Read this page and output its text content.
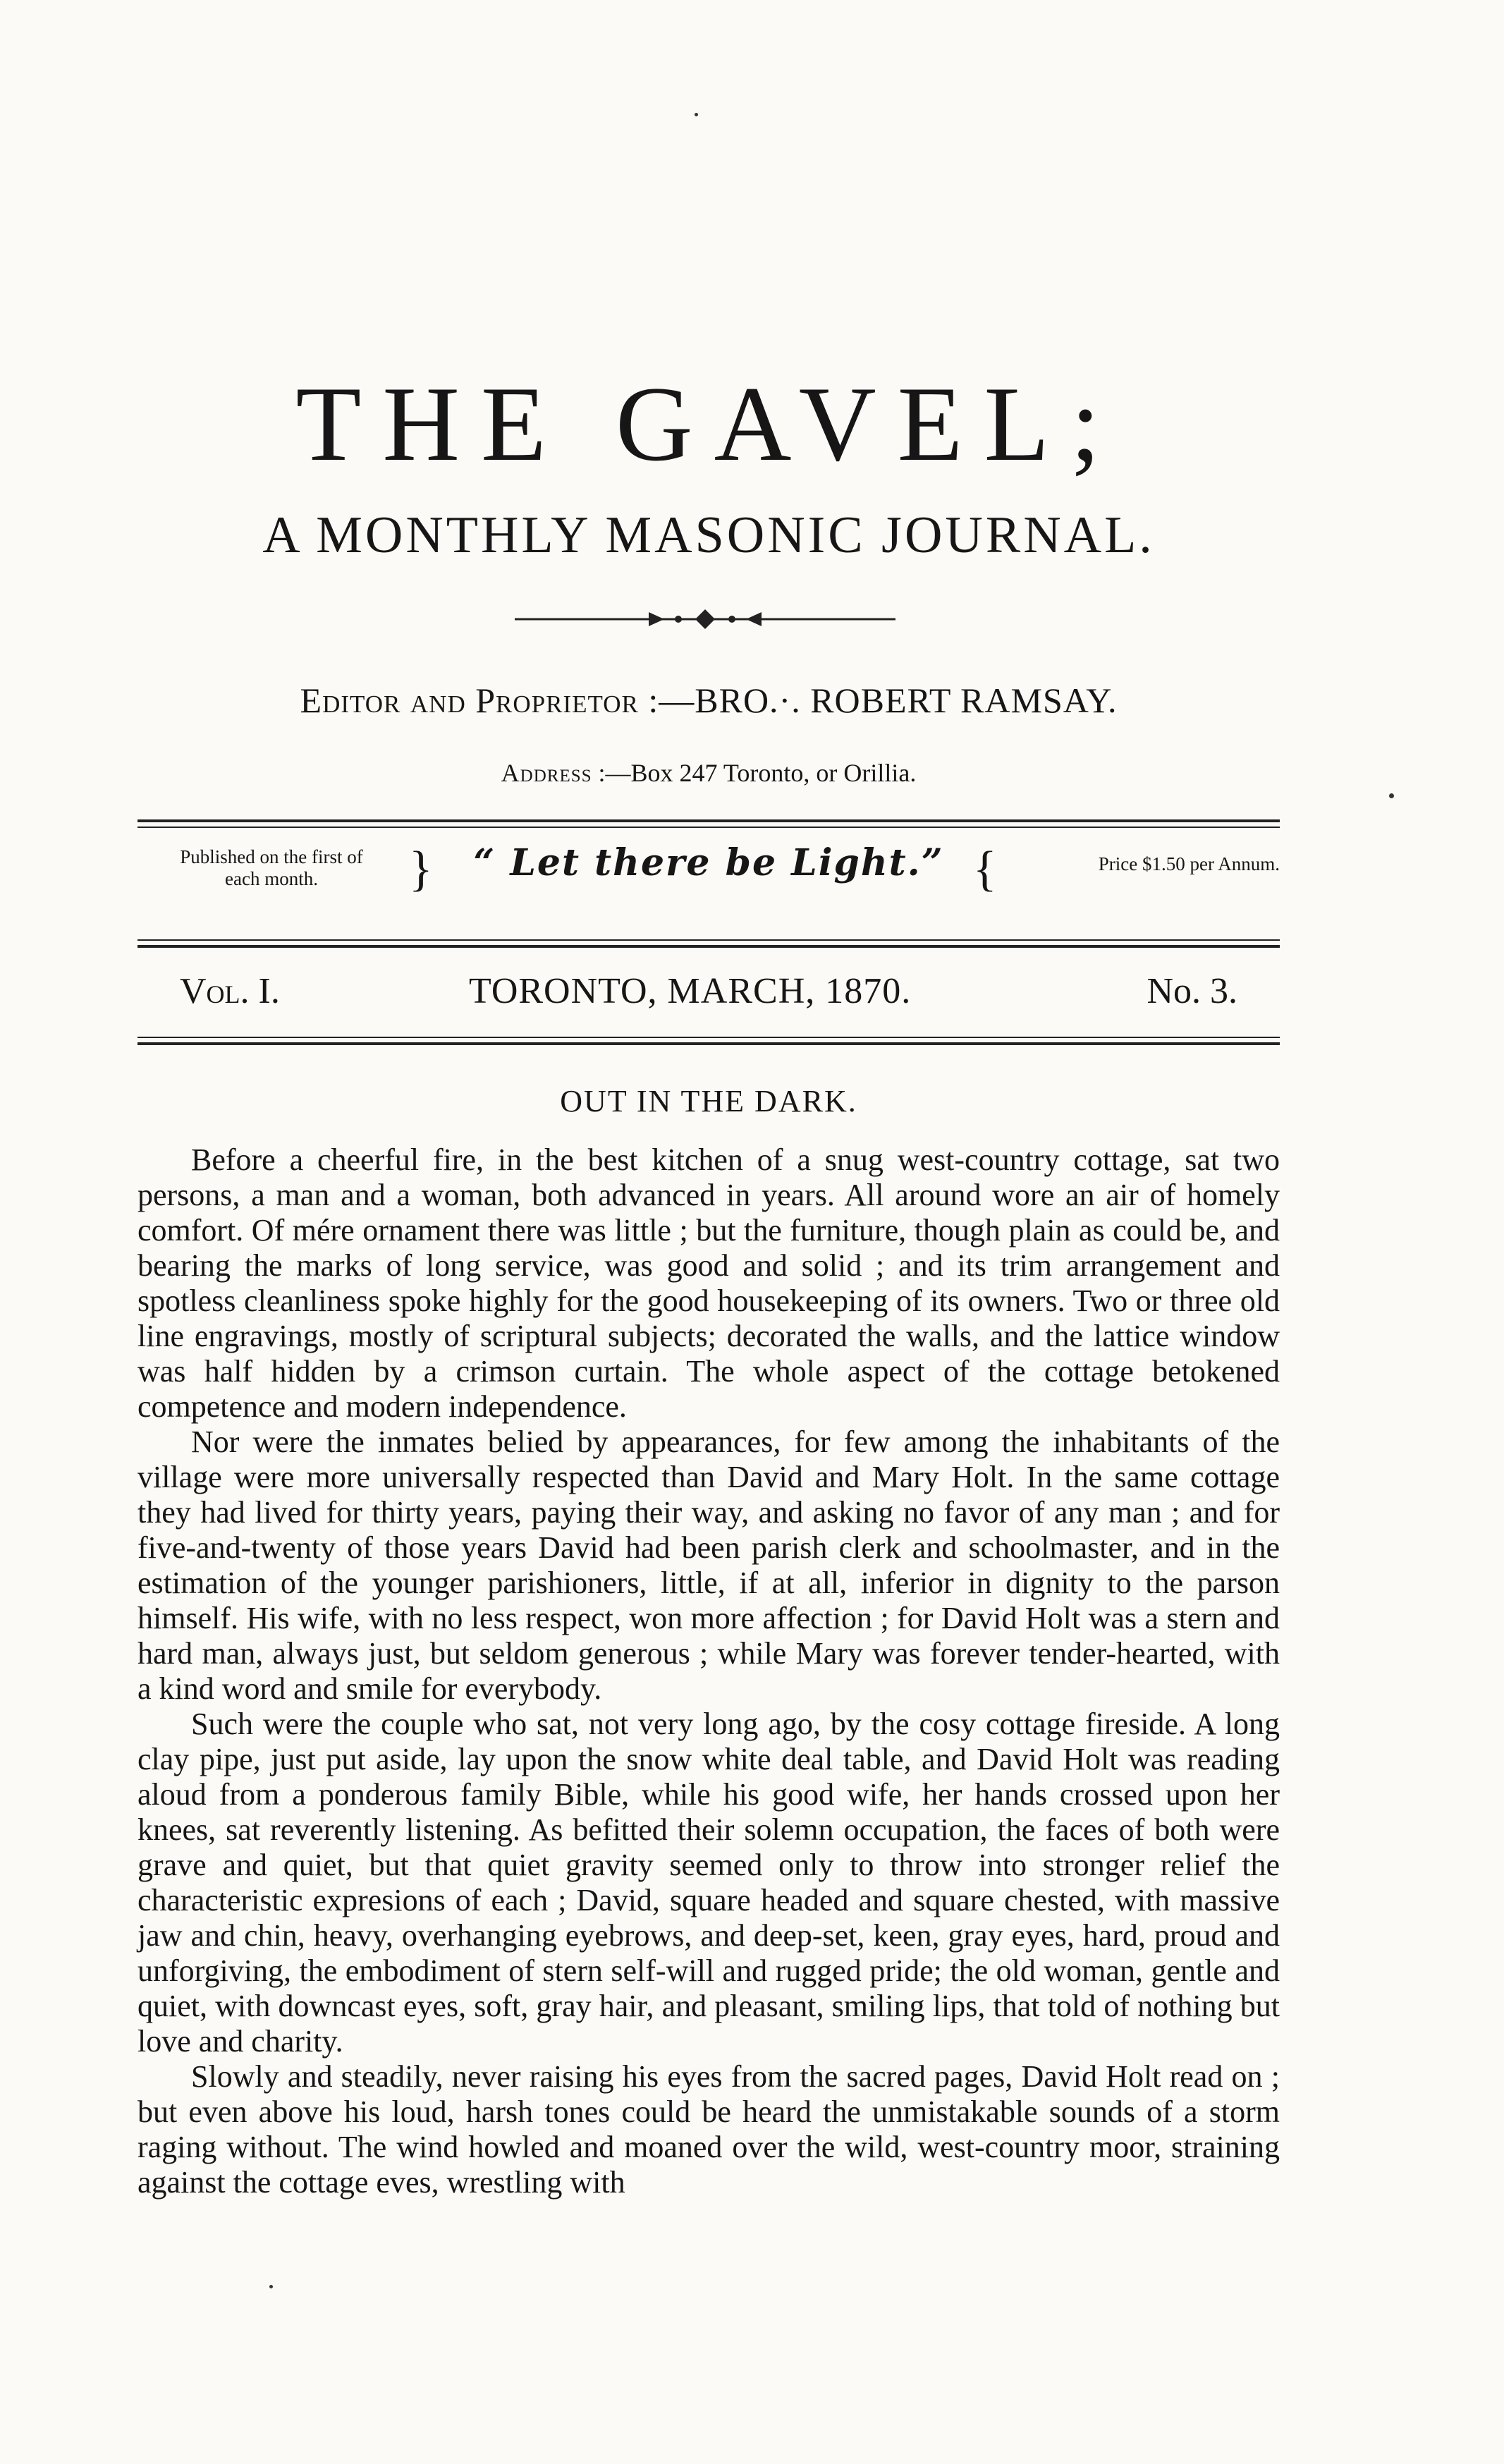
THE GAVEL;
A MONTHLY MASONIC JOURNAL.
Editor and Proprietor :—BRO.·. ROBERT RAMSAY.
Address :—Box 247 Toronto, or Orillia.
Published on the first of
each month.	} “ Let there be Light.” {	Price $1.50 per Annum.
Vol. I.	TORONTO, MARCH, 1870.	No. 3.
OUT IN THE DARK.

Before a cheerful fire, in the best kitchen of a snug west-country cottage, sat two persons, a man and a woman, both advanced in years. All around wore an air of homely comfort. Of mére ornament there was little ; but the furniture, though plain as could be, and bearing the marks of long service, was good and solid ; and its trim arrangement and spotless cleanliness spoke highly for the good housekeeping of its owners. Two or three old line engravings, mostly of scriptural subjects; decorated the walls, and the lattice window was half hidden by a crimson curtain. The whole aspect of the cottage betokened competence and modern independence.

Nor were the inmates belied by appearances, for few among the inhabitants of the village were more universally respected than David and Mary Holt. In the same cottage they had lived for thirty years, paying their way, and asking no favor of any man ; and for five-and-twenty of those years David had been parish clerk and schoolmaster, and in the estimation of the younger parishioners, little, if at all, inferior in dignity to the parson himself. His wife, with no less respect, won more affection ; for David Holt was a stern and hard man, always just, but seldom generous ; while Mary was forever tender-hearted, with a kind word and smile for everybody.

Such were the couple who sat, not very long ago, by the cosy cottage fireside. A long clay pipe, just put aside, lay upon the snow white deal table, and David Holt was reading aloud from a ponderous family Bible, while his good wife, her hands crossed upon her knees, sat reverently listening. As befitted their solemn occupation, the faces of both were grave and quiet, but that quiet gravity seemed only to throw into stronger relief the characteristic expresions of each ; David, square headed and square chested, with massive jaw and chin, heavy, overhanging eyebrows, and deep-set, keen, gray eyes, hard, proud and unforgiving, the embodiment of stern self-will and rugged pride; the old woman, gentle and quiet, with downcast eyes, soft, gray hair, and pleasant, smiling lips, that told of nothing but love and charity.

Slowly and steadily, never raising his eyes from the sacred pages, David Holt read on ; but even above his loud, harsh tones could be heard the unmistakable sounds of a storm raging without. The wind howled and moaned over the wild, west-country moor, straining against the cottage eves, wrestling with
